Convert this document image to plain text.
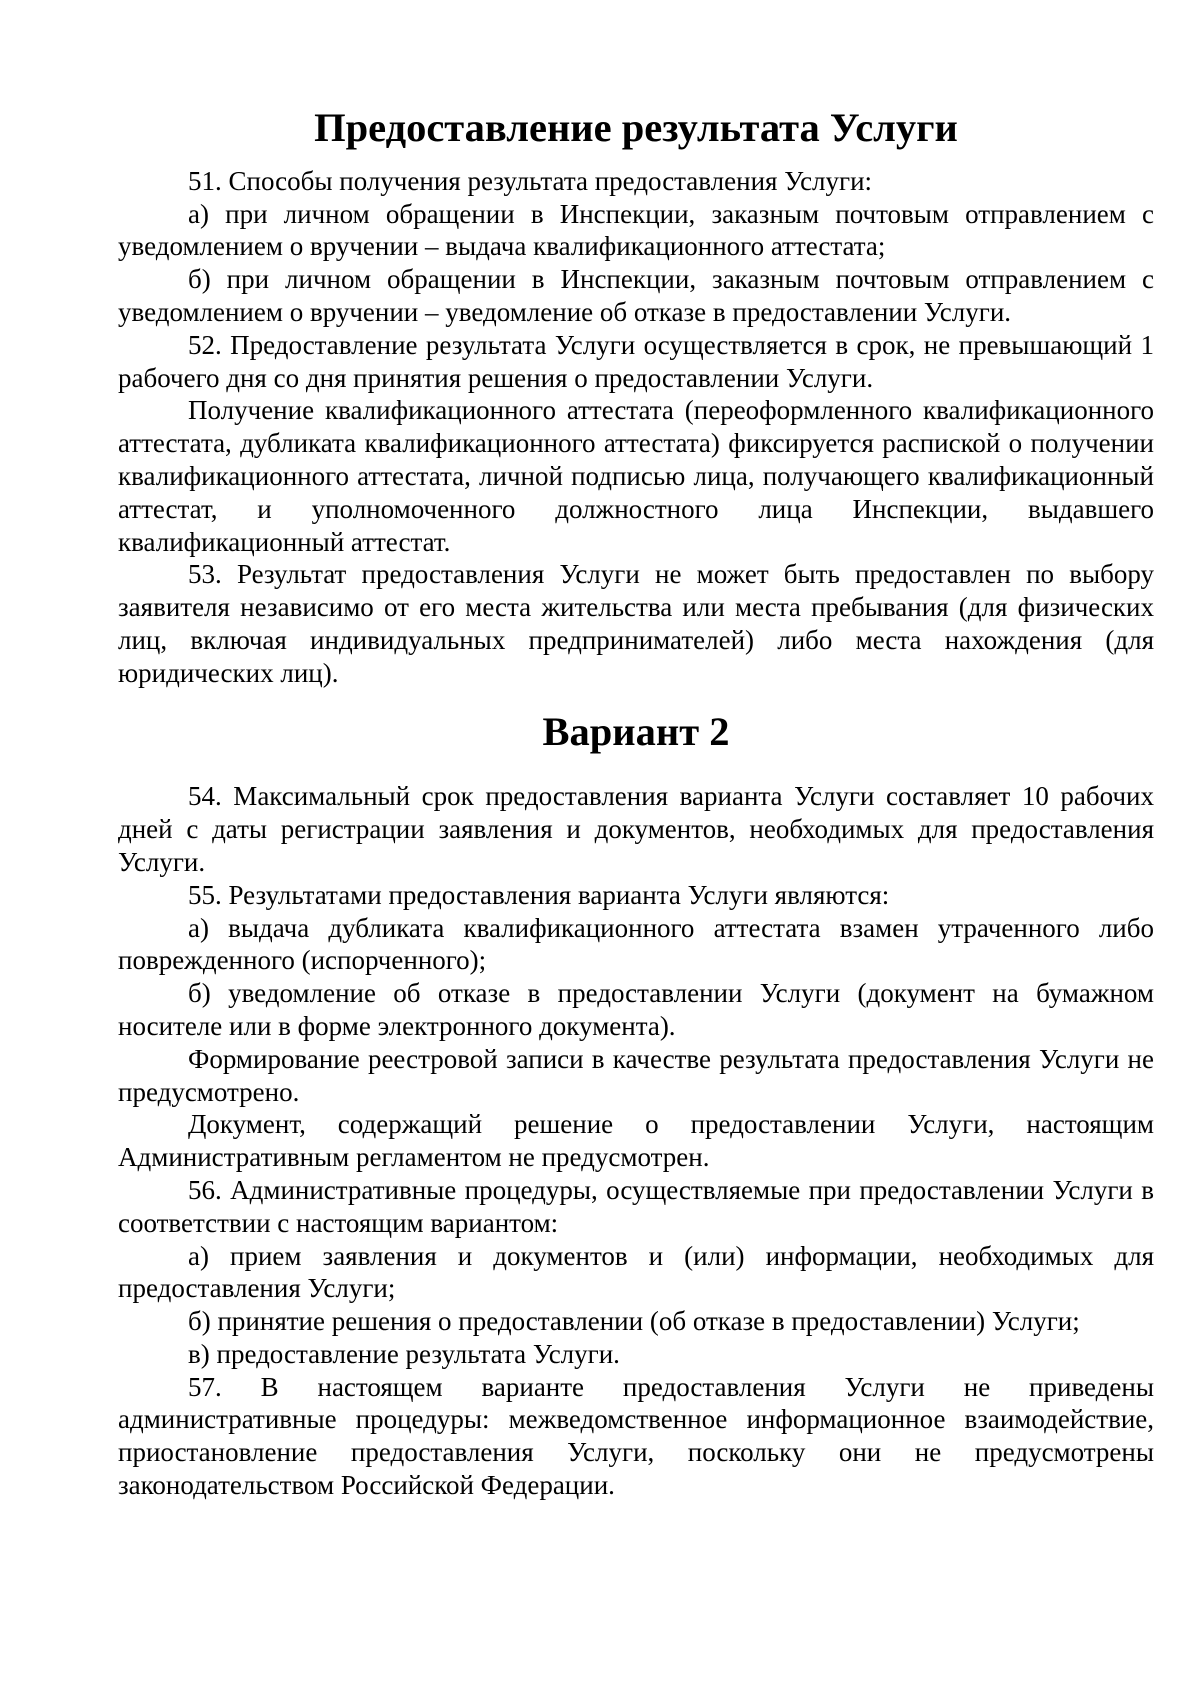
Предоставление результата Услуги

51. Способы получения результата предоставления Услуги:

а) при личном обращении в Инспекции, заказным почтовым отправлением с уведомлением о вручении – выдача квалификационного аттестата;

б) при личном обращении в Инспекции, заказным почтовым отправлением с уведомлением о вручении – уведомление об отказе в предоставлении Услуги.

52. Предоставление результата Услуги осуществляется в срок, не превышающий 1 рабочего дня со дня принятия решения о предоставлении Услуги.

Получение квалификационного аттестата (переоформленного квалификационного аттестата, дубликата квалификационного аттестата) фиксируется распиской о получении квалификационного аттестата, личной подписью лица, получающего квалификационный аттестат, и уполномоченного должностного лица Инспекции, выдавшего квалификационный аттестат.

53. Результат предоставления Услуги не может быть предоставлен по выбору заявителя независимо от его места жительства или места пребывания (для физических лиц, включая индивидуальных предпринимателей) либо места нахождения (для юридических лиц).

Вариант 2

54. Максимальный срок предоставления варианта Услуги составляет 10 рабочих дней с даты регистрации заявления и документов, необходимых для предоставления Услуги.

55. Результатами предоставления варианта Услуги являются:

а) выдача дубликата квалификационного аттестата взамен утраченного либо поврежденного (испорченного);

б) уведомление об отказе в предоставлении Услуги (документ на бумажном носителе или в форме электронного документа).

Формирование реестровой записи в качестве результата предоставления Услуги не предусмотрено.

Документ, содержащий решение о предоставлении Услуги, настоящим Административным регламентом не предусмотрен.

56. Административные процедуры, осуществляемые при предоставлении Услуги в соответствии с настоящим вариантом:

а) прием заявления и документов и (или) информации, необходимых для предоставления Услуги;

б) принятие решения о предоставлении (об отказе в предоставлении) Услуги;

в) предоставление результата Услуги.

57. В настоящем варианте предоставления Услуги не приведены административные процедуры: межведомственное информационное взаимодействие, приостановление предоставления Услуги, поскольку они не предусмотрены законодательством Российской Федерации.
